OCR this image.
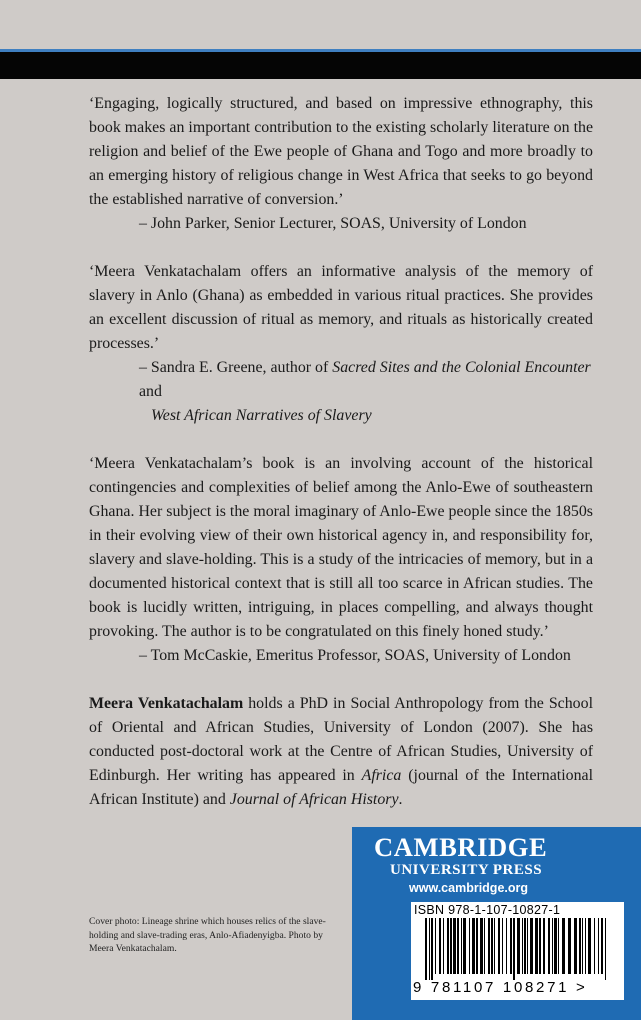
‘Engaging, logically structured, and based on impressive ethnography, this book makes an important contribution to the existing scholarly literature on the religion and belief of the Ewe people of Ghana and Togo and more broadly to an emerging history of religious change in West Africa that seeks to go beyond the established narrative of conversion.’

– John Parker, Senior Lecturer, SOAS, University of London

‘Meera Venkatachalam offers an informative analysis of the memory of slavery in Anlo (Ghana) as embedded in various ritual practices. She provides an excellent discussion of ritual as memory, and rituals as historically created processes.’

– Sandra E. Greene, author of Sacred Sites and the Colonial Encounter and
West African Narratives of Slavery

‘Meera Venkatachalam’s book is an involving account of the historical contingencies and complexities of belief among the Anlo-Ewe of southeastern Ghana. Her subject is the moral imaginary of Anlo-Ewe people since the 1850s in their evolving view of their own historical agency in, and responsibility for, slavery and slave-holding. This is a study of the intricacies of memory, but in a documented historical context that is still all too scarce in African studies. The book is lucidly written, intriguing, in places compelling, and always thought provoking. The author is to be congratulated on this finely honed study.’

– Tom McCaskie, Emeritus Professor, SOAS, University of London

Meera Venkatachalam holds a PhD in Social Anthropology from the School of Oriental and African Studies, University of London (2007). She has conducted post-doctoral work at the Centre of African Studies, University of Edinburgh. Her writing has appeared in Africa (journal of the International African Institute) and Journal of African History.

Cover photo: Lineage shrine which houses relics of the slave-holding and slave-trading eras, Anlo-Afiadenyigba. Photo by Meera Venkatachalam.
CAMBRIDGE
UNIVERSITY PRESS
www.cambridge.org
ISBN 978-1-107-10827-1
9 781107 108271 >
